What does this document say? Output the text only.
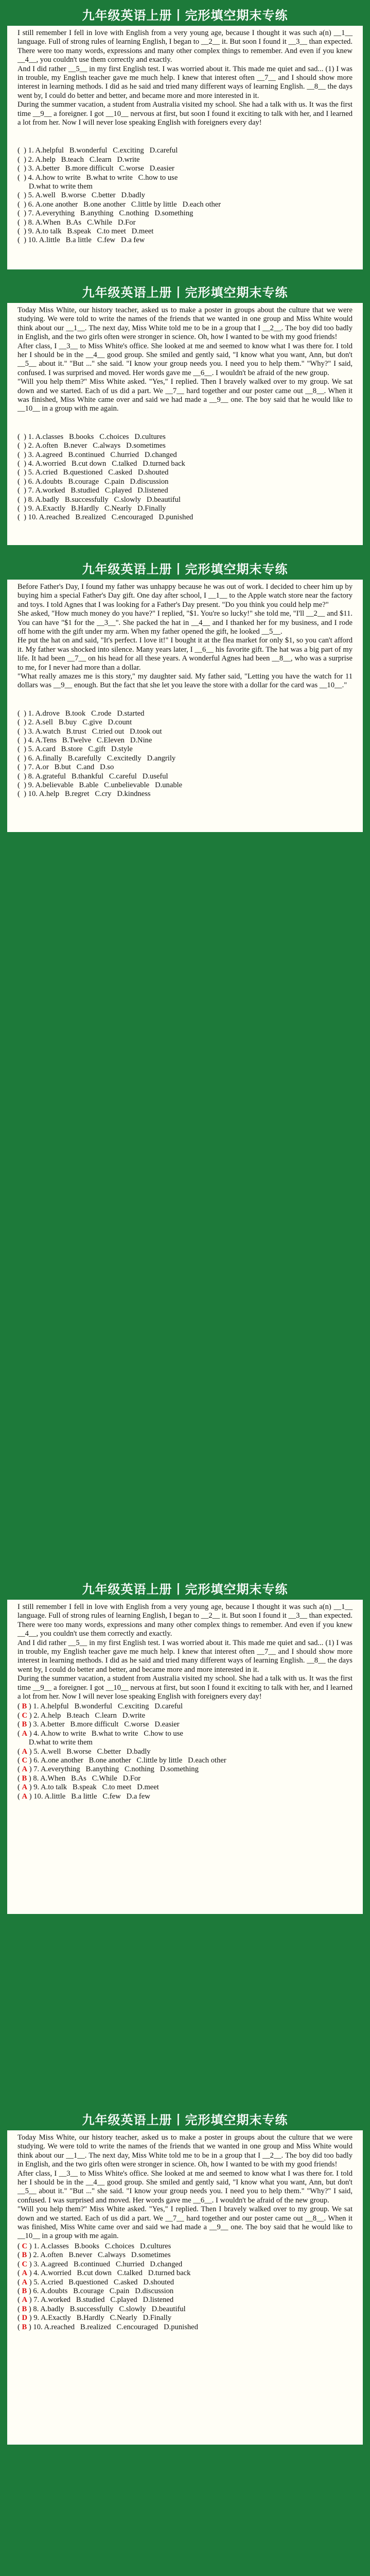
九年级英语上册丨完形填空期末专练

I still remember I fell in love with English from a very young age, because I thought it was such a(n) __1__ language. Full of strong rules of learning English, I began to __2__ it. But soon I found it __3__ than expected. There were too many words, expressions and many other complex things to remember. And even if you knew __4__, you couldn't use them correctly and exactly.

And I did rather __5__ in my first English test. I was worried about it. This made me quiet and sad... (1) I was in trouble, my English teacher gave me much help. I knew that interest often __7__ and I should show more interest in learning methods. I did as he said and tried many different ways of learning English. __8__ the days went by, I could do better and better, and became more and more interested in it.

During the summer vacation, a student from Australia visited my school. She had a talk with us. It was the first time __9__ a foreigner. I got __10__ nervous at first, but soon I found it exciting to talk with her, and I learned a lot from her. Now I will never lose speaking English with foreigners every day!

(  ) 1. A.helpful   B.wonderful   C.exciting   D.careful
(  ) 2. A.help   B.teach   C.learn   D.write
(  ) 3. A.better   B.more difficult   C.worse   D.easier
(  ) 4. A.how to write   B.what to write   C.how to use
D.what to write them
(  ) 5. A.well   B.worse   C.better   D.badly
(  ) 6. A.one another   B.one another   C.little by little   D.each other
(  ) 7. A.everything   B.anything   C.nothing   D.something
(  ) 8. A.When   B.As   C.While   D.For
(  ) 9. A.to talk   B.speak   C.to meet   D.meet
(  ) 10. A.little   B.a little   C.few   D.a few

九年级英语上册丨完形填空期末专练

Today Miss White, our history teacher, asked us to make a poster in groups about the culture that we were studying. We were told to write the names of the friends that we wanted in one group and Miss White would think about our __1__. The next day, Miss White told me to be in a group that I __2__. The boy did too badly in English, and the two girls often were stronger in science. Oh, how I wanted to be with my good friends!

After class, I __3__ to Miss White's office. She looked at me and seemed to know what I was there for. I told her I should be in the __4__ good group. She smiled and gently said, "I know what you want, Ann, but don't __5__ about it." "But ..." she said. "I know your group needs you. I need you to help them." "Why?" I said, confused. I was surprised and moved. Her words gave me __6__. I wouldn't be afraid of the new group.

"Will you help them?" Miss White asked. "Yes," I replied. Then I bravely walked over to my group. We sat down and we started. Each of us did a part. We __7__ hard together and our poster came out __8__. When it was finished, Miss White came over and said we had made a __9__ one. The boy said that he would like to __10__ in a group with me again.

(  ) 1. A.classes   B.books   C.choices   D.cultures
(  ) 2. A.often   B.never   C.always   D.sometimes
(  ) 3. A.agreed   B.continued   C.hurried   D.changed
(  ) 4. A.worried   B.cut down   C.talked   D.turned back
(  ) 5. A.cried   B.questioned   C.asked   D.shouted
(  ) 6. A.doubts   B.courage   C.pain   D.discussion
(  ) 7. A.worked   B.studied   C.played   D.listened
(  ) 8. A.badly   B.successfully   C.slowly   D.beautiful
(  ) 9. A.Exactly   B.Hardly   C.Nearly   D.Finally
(  ) 10. A.reached   B.realized   C.encouraged   D.punished

九年级英语上册丨完形填空期末专练

Before Father's Day, I found my father was unhappy because he was out of work. I decided to cheer him up by buying him a special Father's Day gift. One day after school, I __1__ to the Apple watch store near the factory and toys. I told Agnes that I was looking for a Father's Day present. "Do you think you could help me?"

She asked, "How much money do you have?" I replied, "$1. You're so lucky!" she told me, "I'll __2__ and $11. You can have "$1 for the __3__". She packed the hat in __4__ and I thanked her for my business, and I rode off home with the gift under my arm. When my father opened the gift, he looked __5__.

He put the hat on and said, "It's perfect. I love it!" I bought it at the flea market for only $1, so you can't afford it. My father was shocked into silence. Many years later, I __6__ his favorite gift. The hat was a big part of my life. It had been __7__ on his head for all these years. A wonderful Agnes had been __8__, who was a surprise to me, for I never had more than a dollar.

"What really amazes me is this story," my daughter said. My father said, "Letting you have the watch for 11 dollars was __9__ enough. But the fact that she let you leave the store with a dollar for the card was __10__."

(  ) 1. A.drove   B.took   C.rode   D.started
(  ) 2. A.sell   B.buy   C.give   D.count
(  ) 3. A.watch   B.trust   C.tried out   D.took out
(  ) 4. A.Tens   B.Twelve   C.Eleven   D.Nine
(  ) 5. A.card   B.store   C.gift   D.style
(  ) 6. A.finally   B.carefully   C.excitedly   D.angrily
(  ) 7. A.or   B.but   C.and   D.so
(  ) 8. A.grateful   B.thankful   C.careful   D.useful
(  ) 9. A.believable   B.able   C.unbelievable   D.unable
(  ) 10. A.help   B.regret   C.cry   D.kindness

九年级英语上册丨完形填空期末专练

I still remember I fell in love with English from a very young age, because I thought it was such a(n) __1__ language. Full of strong rules of learning English, I began to __2__ it. But soon I found it __3__ than expected. There were too many words, expressions and many other complex things to remember. And even if you knew __4__, you couldn't use them correctly and exactly.

And I did rather __5__ in my first English test. I was worried about it. This made me quiet and sad... (1) I was in trouble, my English teacher gave me much help. I knew that interest often __7__ and I should show more interest in learning methods. I did as he said and tried many different ways of learning English. __8__ the days went by, I could do better and better, and became more and more interested in it.

During the summer vacation, a student from Australia visited my school. She had a talk with us. It was the first time __9__ a foreigner. I got __10__ nervous at first, but soon I found it exciting to talk with her, and I learned a lot from her. Now I will never lose speaking English with foreigners every day!

( B ) 1. A.helpful   B.wonderful   C.exciting   D.careful
( C ) 2. A.help   B.teach   C.learn   D.write
( B ) 3. A.better   B.more difficult   C.worse   D.easier
( A ) 4. A.how to write   B.what to write   C.how to use
D.what to write them
( A ) 5. A.well   B.worse   C.better   D.badly
( C ) 6. A.one another   B.one another   C.little by little   D.each other
( A ) 7. A.everything   B.anything   C.nothing   D.something
( B ) 8. A.When   B.As   C.While   D.For
( A ) 9. A.to talk   B.speak   C.to meet   D.meet
( A ) 10. A.little   B.a little   C.few   D.a few
九年级英语上册丨完形填空期末专练

Today Miss White, our history teacher, asked us to make a poster in groups about the culture that we were studying. We were told to write the names of the friends that we wanted in one group and Miss White would think about our __1__. The next day, Miss White told me to be in a group that I __2__. The boy did too badly in English, and the two girls often were stronger in science. Oh, how I wanted to be with my good friends!

After class, I __3__ to Miss White's office. She looked at me and seemed to know what I was there for. I told her I should be in the __4__ good group. She smiled and gently said, "I know what you want, Ann, but don't __5__ about it." "But ..." she said. "I know your group needs you. I need you to help them." "Why?" I said, confused. I was surprised and moved. Her words gave me __6__. I wouldn't be afraid of the new group.

"Will you help them?" Miss White asked. "Yes," I replied. Then I bravely walked over to my group. We sat down and we started. Each of us did a part. We __7__ hard together and our poster came out __8__. When it was finished, Miss White came over and said we had made a __9__ one. The boy said that he would like to __10__ in a group with me again.

( C ) 1. A.classes   B.books   C.choices   D.cultures
( B ) 2. A.often   B.never   C.always   D.sometimes
( C ) 3. A.agreed   B.continued   C.hurried   D.changed
( A ) 4. A.worried   B.cut down   C.talked   D.turned back
( A ) 5. A.cried   B.questioned   C.asked   D.shouted
( B ) 6. A.doubts   B.courage   C.pain   D.discussion
( A ) 7. A.worked   B.studied   C.played   D.listened
( B ) 8. A.badly   B.successfully   C.slowly   D.beautiful
( D ) 9. A.Exactly   B.Hardly   C.Nearly   D.Finally
( B ) 10. A.reached   B.realized   C.encouraged   D.punished
